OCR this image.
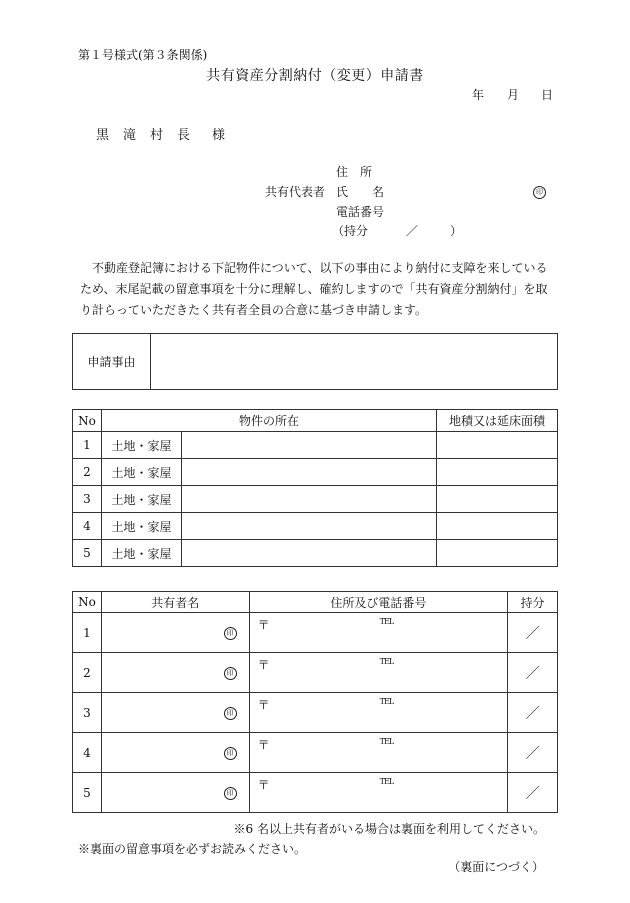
第１号様式(第３条関係)
共有資産分割納付（変更）申請書
年 月 日
黒滝村長 様
住　所
共有代表者 氏　　名	印
電話番号
（持分	／	）

不動産登記簿における下記物件について、以下の事由により納付に支障を来しているため、末尾記載の留意事項を十分に理解し、確約しますので「共有資産分割納付」を取り計らっていただきたく共有者全員の合意に基づき申請します。

申請事由	
No	物件の所在		地積又は延床面積
1	土地・家屋		
2	土地・家屋		
3	土地・家屋		
4	土地・家屋		
5	土地・家屋		
No	共有者名	住所及び電話番号	持分
1	印	〒 TEL	／
2	印	〒 TEL	／
3	印	〒 TEL	／
4	印	〒 TEL	／
5	印	〒 TEL	／
※6 名以上共有者がいる場合は裏面を利用してください。
※裏面の留意事項を必ずお読みください。
（裏面につづく）
